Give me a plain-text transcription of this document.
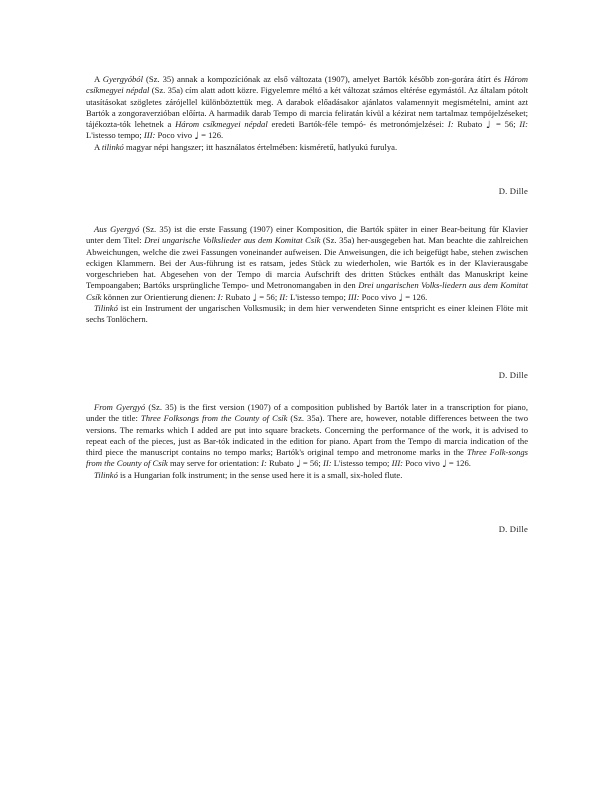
A Gyergyóból (Sz. 35) annak a kompozíciónak az első változata (1907), amelyet Bartók később zon-gorára átírt és Három csíkmegyei népdal (Sz. 35a) cím alatt adott közre. Figyelemre méltó a két változat számos eltérése egymástól. Az általam pótolt utasításokat szögletes zárójellel különböztettük meg. A darabok előadásakor ajánlatos valamennyit megismételni, amint azt Bartók a zongoraverzióban előírta. A harmadik darab Tempo di marcia feliratán kívül a kézirat nem tartalmaz tempójelzéseket; tájékozta-tók lehetnek a Három csíkmegyei népdal eredeti Bartók-féle tempó- és metronómjelzései: I: Rubato ♩ = 56; II: L'istesso tempo; III: Poco vivo ♩ = 126.

A tilinkó magyar népi hangszer; itt használatos értelmében: kisméretű, hatlyukú furulya.

D. Dille

Aus Gyergyó (Sz. 35) ist die erste Fassung (1907) einer Komposition, die Bartók später in einer Bear-beitung für Klavier unter dem Titel: Drei ungarische Volkslieder aus dem Komitat Csík (Sz. 35a) her-ausgegeben hat. Man beachte die zahlreichen Abweichungen, welche die zwei Fassungen voneinander aufweisen. Die Anweisungen, die ich beigefügt habe, stehen zwischen eckigen Klammern. Bei der Aus-führung ist es ratsam, jedes Stück zu wiederholen, wie Bartók es in der Klavierausgabe vorgeschrieben hat. Abgesehen von der Tempo di marcia Aufschrift des dritten Stückes enthält das Manuskript keine Tempoangaben; Bartóks ursprüngliche Tempo- und Metronomangaben in den Drei ungarischen Volks-liedern aus dem Komitat Csík können zur Orientierung dienen: I: Rubato ♩ = 56; II: L'istesso tempo; III: Poco vivo ♩ = 126.

Tilinkó ist ein Instrument der ungarischen Volksmusik; in dem hier verwendeten Sinne entspricht es einer kleinen Flöte mit sechs Tonlöchern.

D. Dille

From Gyergyó (Sz. 35) is the first version (1907) of a composition published by Bartók later in a transcription for piano, under the title: Three Folksongs from the County of Csík (Sz. 35a). There are, however, notable differences between the two versions. The remarks which I added are put into square brackets. Concerning the performance of the work, it is advised to repeat each of the pieces, just as Bar-tók indicated in the edition for piano. Apart from the Tempo di marcia indication of the third piece the manuscript contains no tempo marks; Bartók's original tempo and metronome marks in the Three Folk-songs from the County of Csík may serve for orientation: I: Rubato ♩ = 56; II: L'istesso tempo; III: Poco vivo ♩ = 126.

Tilinkó is a Hungarian folk instrument; in the sense used here it is a small, six-holed flute.

D. Dille
